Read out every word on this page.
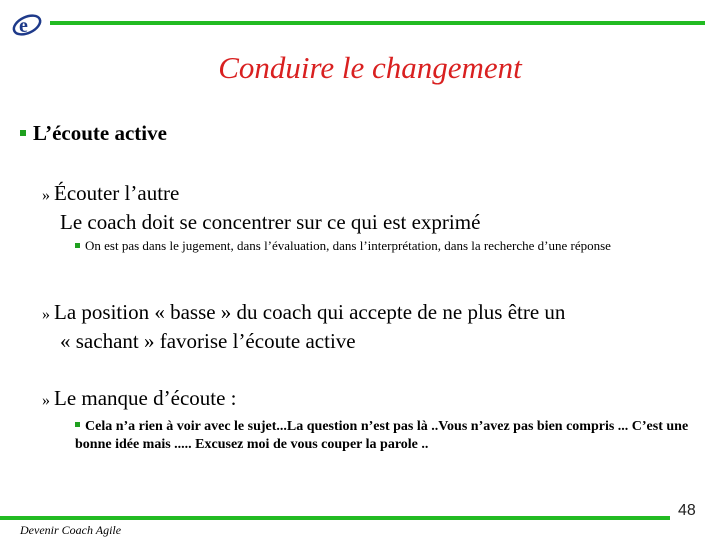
e
Conduire le changement
L’écoute active
» Écouter l’autre
Le coach doit se concentrer sur ce qui est exprimé
On est pas dans le jugement, dans l’évaluation, dans l’interprétation, dans la recherche d’une réponse
» La position « basse » du coach qui accepte de ne plus être un
« sachant » favorise l’écoute active
» Le manque d’écoute :
Cela n’a rien à voir avec le sujet...La question n’est pas là ..Vous n’avez pas bien compris ... C’est une bonne idée mais ..... Excusez moi de vous couper la parole ..
48
Devenir Coach Agile
